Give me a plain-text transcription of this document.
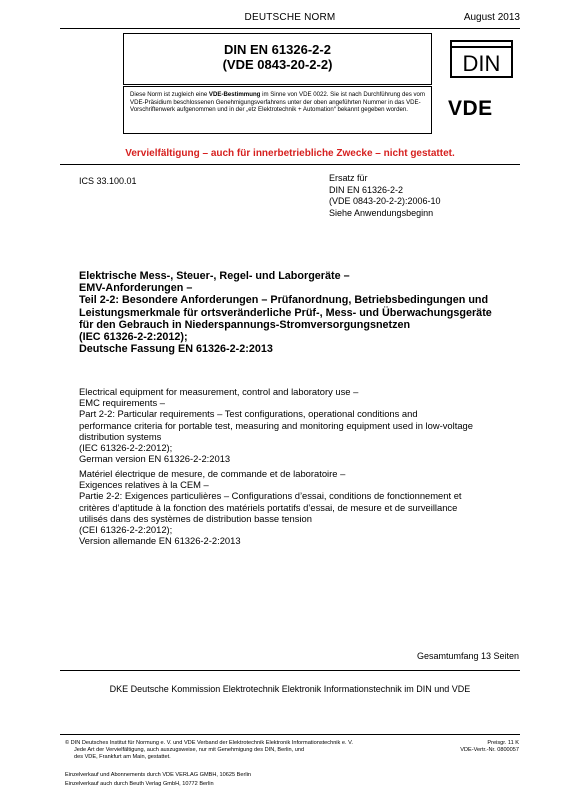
DEUTSCHE NORM	August 2013
DIN EN 61326-2-2
(VDE 0843-20-2-2)	DIN
Diese Norm ist zugleich eine VDE-Bestimmung im Sinne von VDE 0022. Sie ist nach Durchführung des vom VDE-Präsidium beschlossenen Genehmigungsverfahrens unter der oben angeführten Nummer in das VDE-Vorschriftenwerk aufgenommen und in der „etz Elektrotechnik + Automation“ bekannt gegeben worden.	VDE
Vervielfältigung – auch für innerbetriebliche Zwecke – nicht gestattet.
ICS 33.100.01	Ersatz für
DIN EN 61326-2-2
(VDE 0843-20-2-2):2006-10
Siehe Anwendungsbeginn
Elektrische Mess-, Steuer-, Regel- und Laborgeräte –
EMV-Anforderungen –
Teil 2-2: Besondere Anforderungen – Prüfanordnung, Betriebsbedingungen und
Leistungsmerkmale für ortsveränderliche Prüf-, Mess- und Überwachungsgeräte
für den Gebrauch in Niederspannungs-Stromversorgungsnetzen
(IEC 61326-2-2:2012);
Deutsche Fassung EN 61326-2-2:2013
Electrical equipment for measurement, control and laboratory use –
EMC requirements –
Part 2-2: Particular requirements – Test configurations, operational conditions and
performance criteria for portable test, measuring and monitoring equipment used in low-voltage
distribution systems
(IEC 61326-2-2:2012);
German version EN 61326-2-2:2013
Matériel électrique de mesure, de commande et de laboratoire –
Exigences relatives à la CEM –
Partie 2-2: Exigences particulières – Configurations d’essai, conditions de fonctionnement et
critères d’aptitude à la fonction des matériels portatifs d’essai, de mesure et de surveillance
utilisés dans des systèmes de distribution basse tension
(CEI 61326-2-2:2012);
Version allemande EN 61326-2-2:2013
Gesamtumfang 13 Seiten
DKE Deutsche Kommission Elektrotechnik Elektronik Informationstechnik im DIN und VDE
© DIN Deutsches Institut für Normung e. V. und VDE Verband der Elektrotechnik Elektronik Informationstechnik e. V.
Jede Art der Vervielfältigung, auch auszugsweise, nur mit Genehmigung des DIN, Berlin, und
des VDE, Frankfurt am Main, gestattet.
Preisgr. 11 K
VDE-Vertr.-Nr. 0800057
Einzelverkauf und Abonnements durch VDE VERLAG GMBH, 10625 Berlin
Einzelverkauf auch durch Beuth Verlag GmbH, 10772 Berlin
